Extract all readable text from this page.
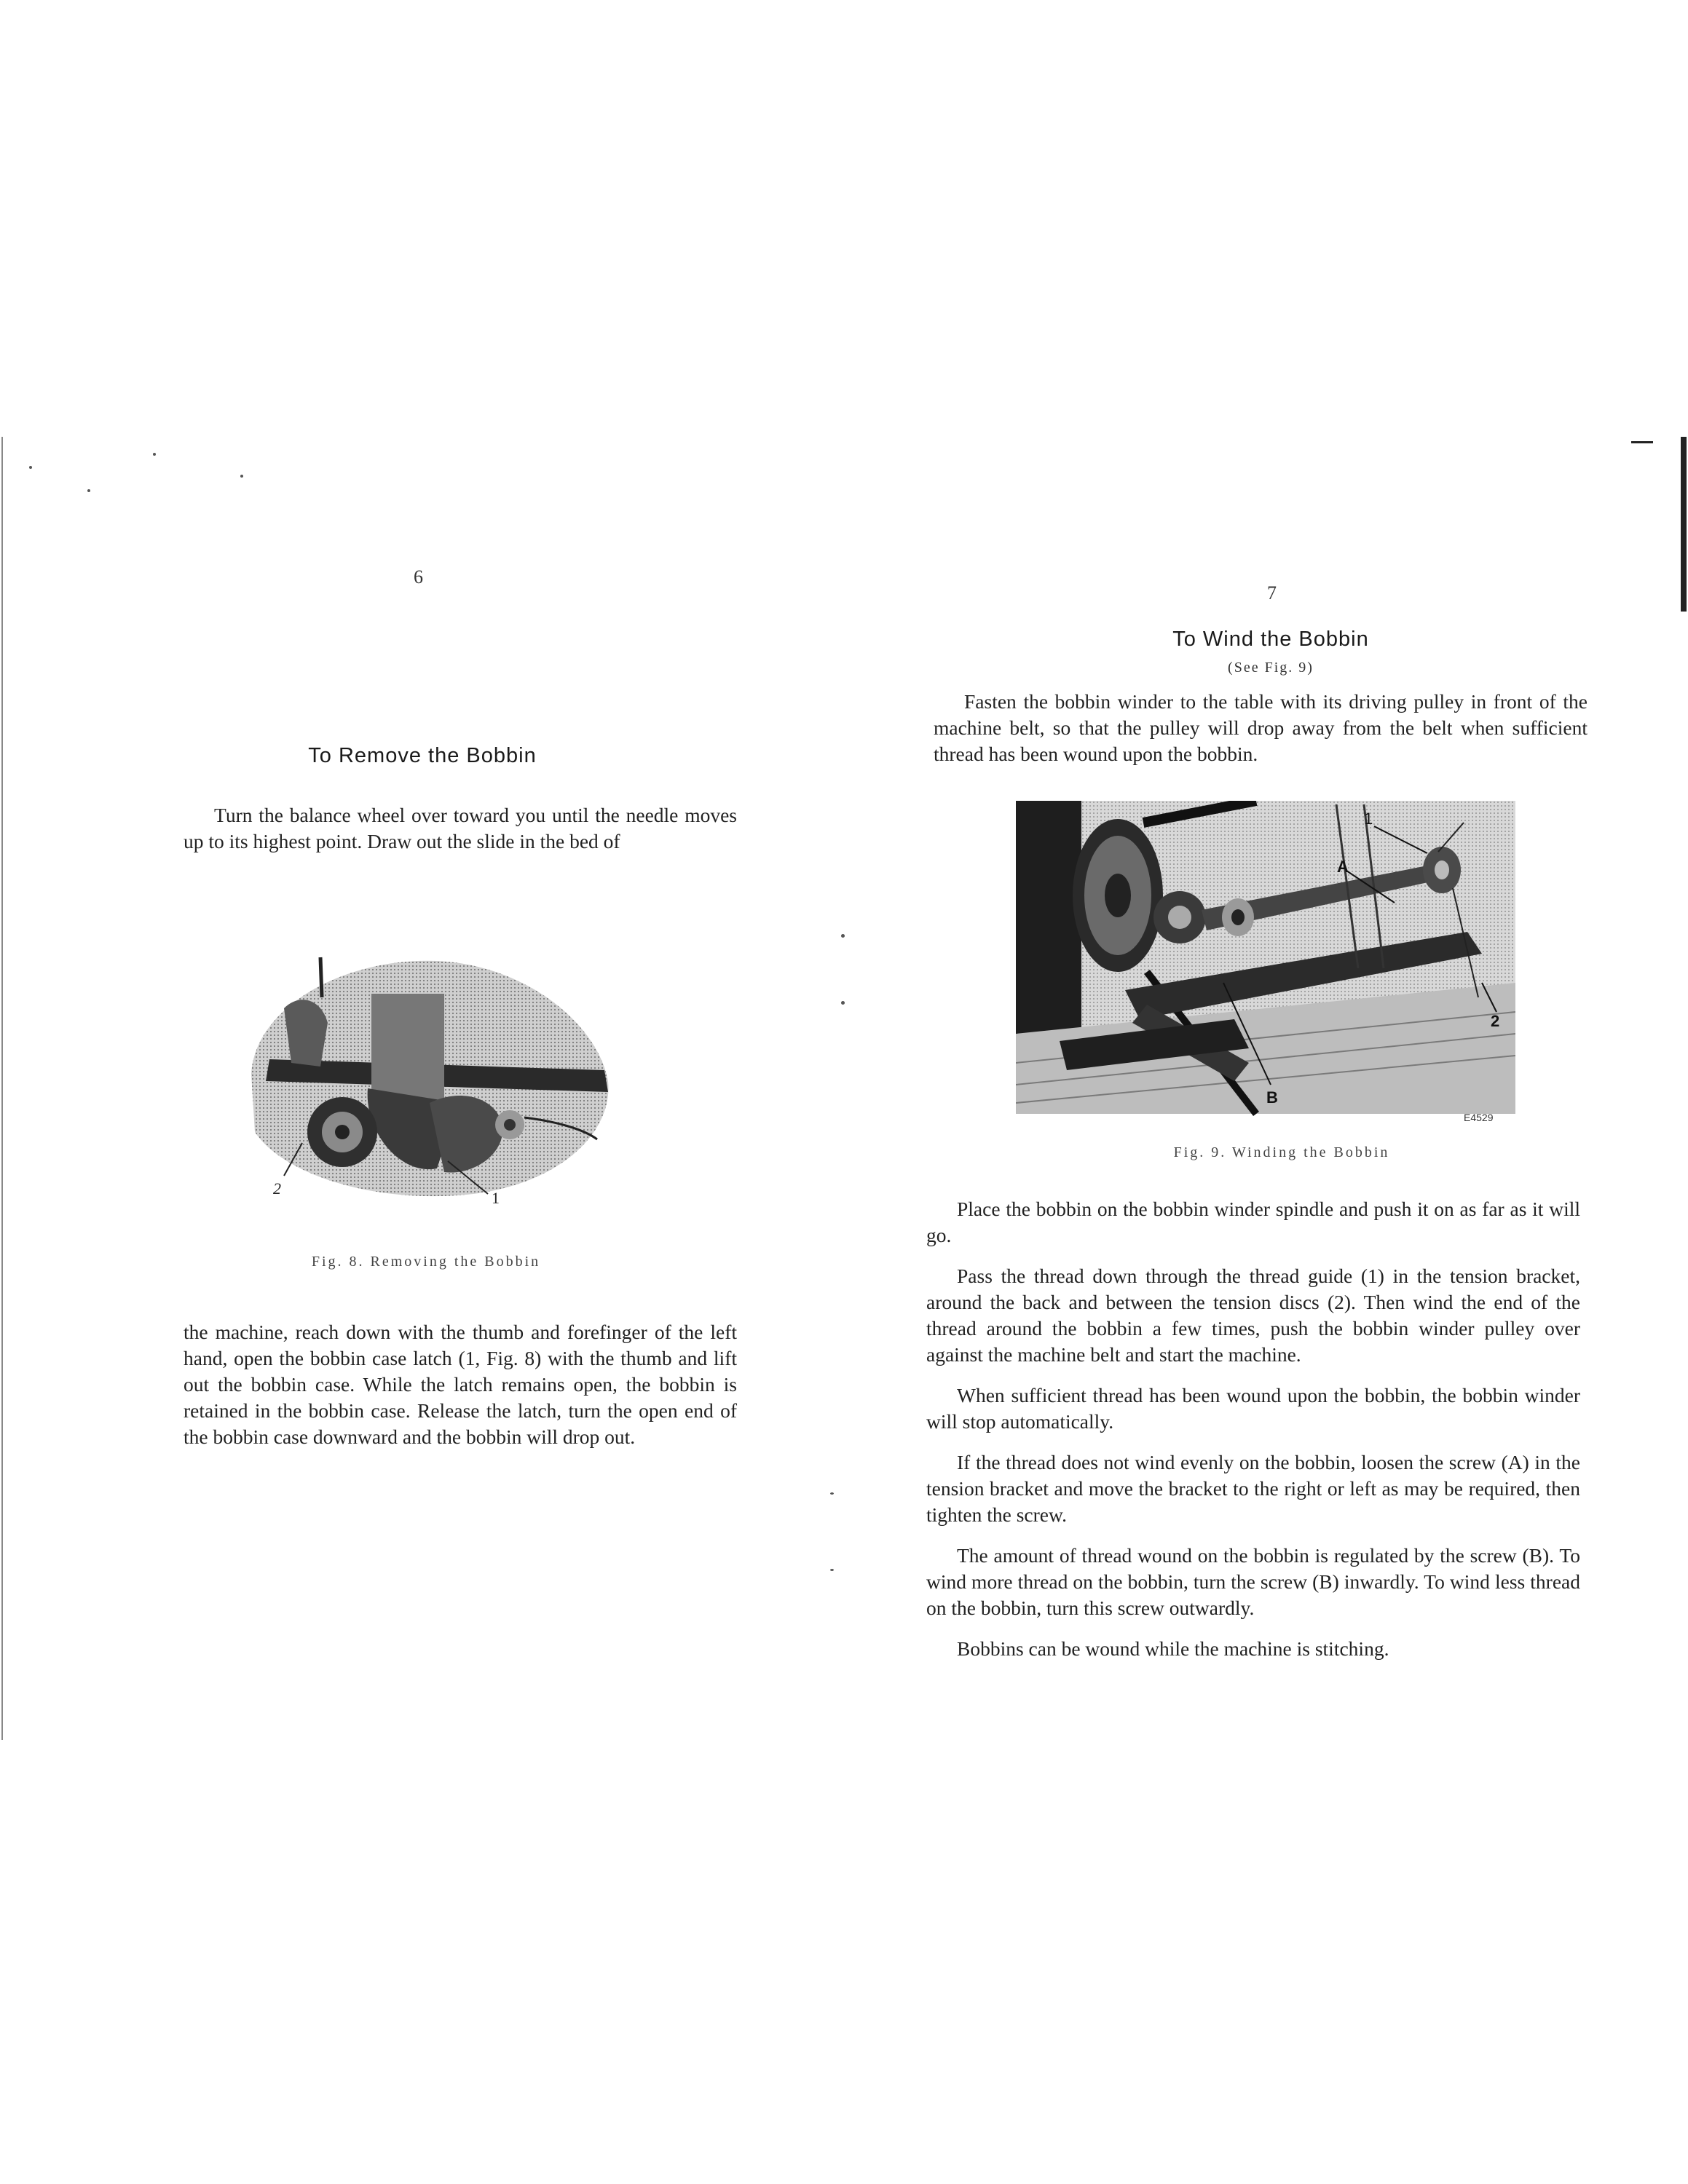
6
To Remove the Bobbin

Turn the balance wheel over toward you until the needle moves up to its highest point. Draw out the slide in the bed of

2
1
Fig. 8. Removing the Bobbin

the machine, reach down with the thumb and forefinger of the left hand, open the bobbin case latch (1, Fig. 8) with the thumb and lift out the bobbin case. While the latch remains open, the bobbin is retained in the bobbin case. Release the latch, turn the open end of the bobbin case downward and the bobbin will drop out.

7
To Wind the Bobbin
(See Fig. 9)

Fasten the bobbin winder to the table with its driving pulley in front of the machine belt, so that the pulley will drop away from the belt when sufficient thread has been wound upon the bobbin.

1
A
2
B
E4529
Fig. 9. Winding the Bobbin

Place the bobbin on the bobbin winder spindle and push it on as far as it will go.

Pass the thread down through the thread guide (1) in the tension bracket, around the back and between the tension discs (2). Then wind the end of the thread around the bobbin a few times, push the bobbin winder pulley over against the machine belt and start the machine.

When sufficient thread has been wound upon the bobbin, the bobbin winder will stop automatically.

If the thread does not wind evenly on the bobbin, loosen the screw (A) in the tension bracket and move the bracket to the right or left as may be required, then tighten the screw.

The amount of thread wound on the bobbin is regulated by the screw (B). To wind more thread on the bobbin, turn the screw (B) inwardly. To wind less thread on the bobbin, turn this screw outwardly.

Bobbins can be wound while the machine is stitching.
